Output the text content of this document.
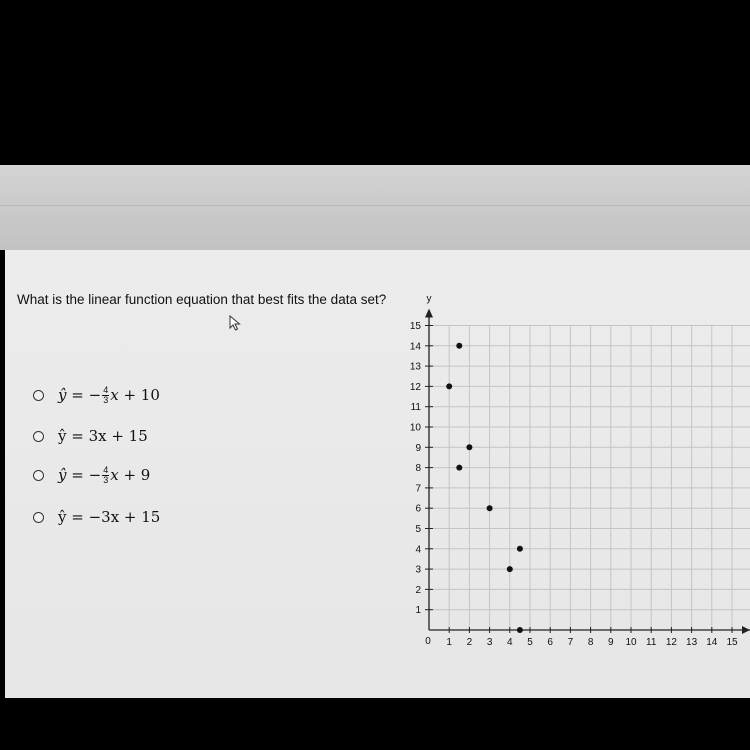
What is the linear function equation that best fits the data set?
ŷ
=
− $\frac{4}{3}$ x
+ 10
ŷ = 3x + 15
ŷ
=
− $\frac{4}{3}$ x
+ 9
ŷ = −3x + 15
y
0 1 2 3 4 5 6 7 8 9 10 11 12 13 14 15
1
2
3
4
5
6
7
8
9
10
11
12
13
14
15
